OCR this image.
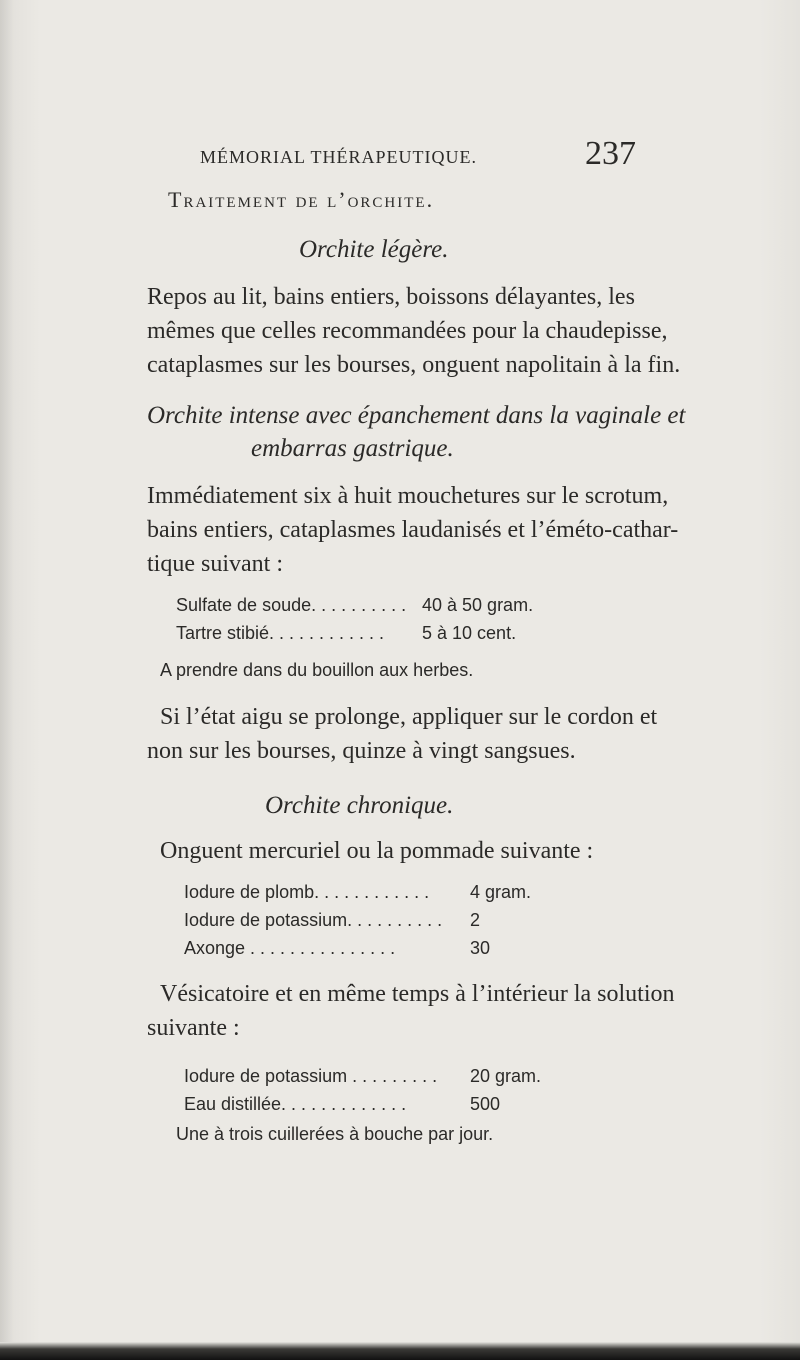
MÉMORIAL THÉRAPEUTIQUE.	237
Traitement de l’orchite.
Orchite légère.
Repos au lit, bains entiers, boissons délayantes, les
mêmes que celles recommandées pour la chaudepisse,
cataplasmes sur les bourses, onguent napolitain à la fin.
Orchite intense avec épanchement dans la vaginale et
embarras gastrique.
Immédiatement six à huit mouchetures sur le scrotum,
bains entiers, cataplasmes laudanisés et l’éméto-cathar-
tique suivant :
Sulfate de soude. . . . . . . . . . 40 à 50 gram.
Tartre stibié. . . . . . . . . . . .	5 à 10 cent.
A prendre dans du bouillon aux herbes.
Si l’état aigu se prolonge, appliquer sur le cordon et
non sur les bourses, quinze à vingt sangsues.
Orchite chronique.
Onguent mercuriel ou la pommade suivante :
Iodure de plomb. . . . . . . . . . . .	4 gram.
Iodure de potassium. . . . . . . . . .	2
Axonge . . . . . . . . . . . . . . .	30
Vésicatoire et en même temps à l’intérieur la solution
suivante :
Iodure de potassium . . . . . . . . .	20 gram.
Eau distillée. . . . . . . . . . . . .	500
Une à trois cuillerées à bouche par jour.
